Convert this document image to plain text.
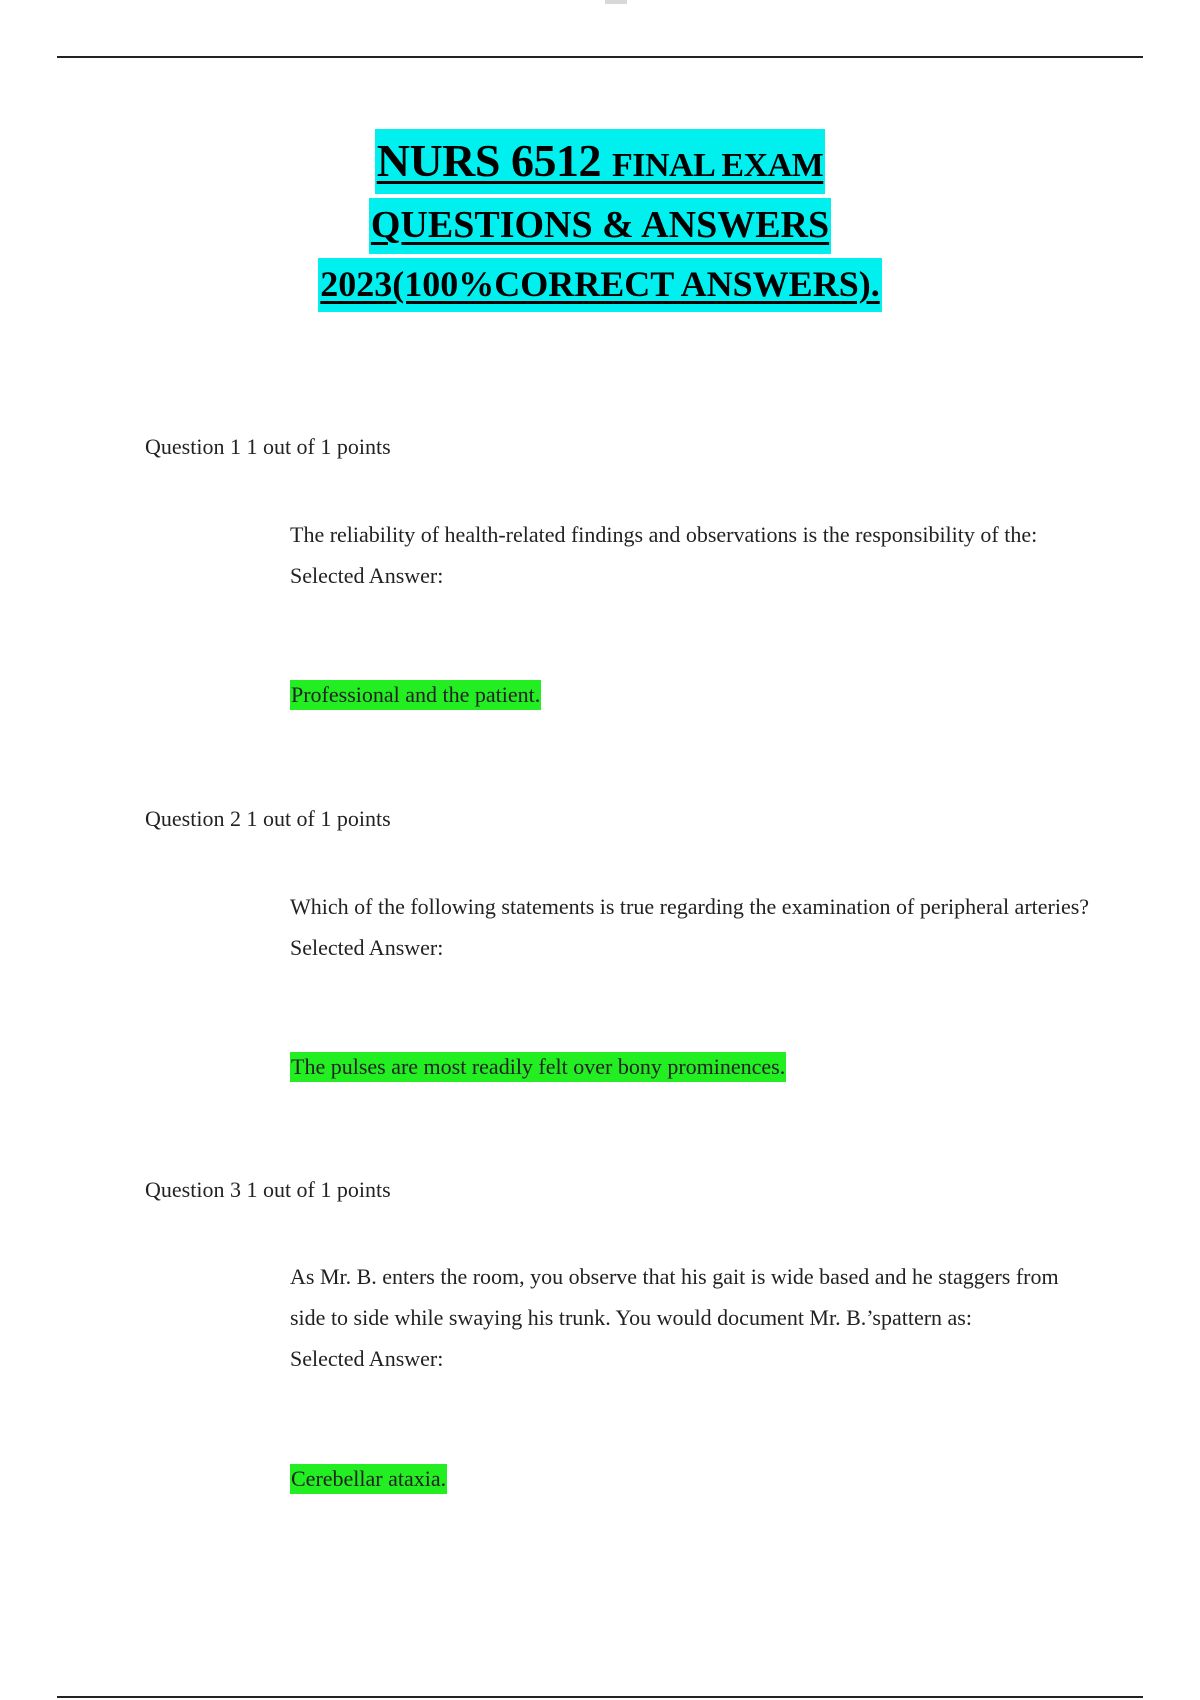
NURS 6512 FINAL EXAM

QUESTIONS & ANSWERS

2023(100%CORRECT ANSWERS).

Question 1 1 out of 1 points

The reliability of health-related findings and observations is the responsibility of the:

Selected Answer:

Professional and the patient.
Question 2 1 out of 1 points

Which of the following statements is true regarding the examination of peripheral arteries?

Selected Answer:

The pulses are most readily felt over bony prominences.
Question 3 1 out of 1 points

As Mr. B. enters the room, you observe that his gait is wide based and he staggers from side to side while swaying his trunk. You would document Mr. B.’spattern as:

Selected Answer:

Cerebellar ataxia.
